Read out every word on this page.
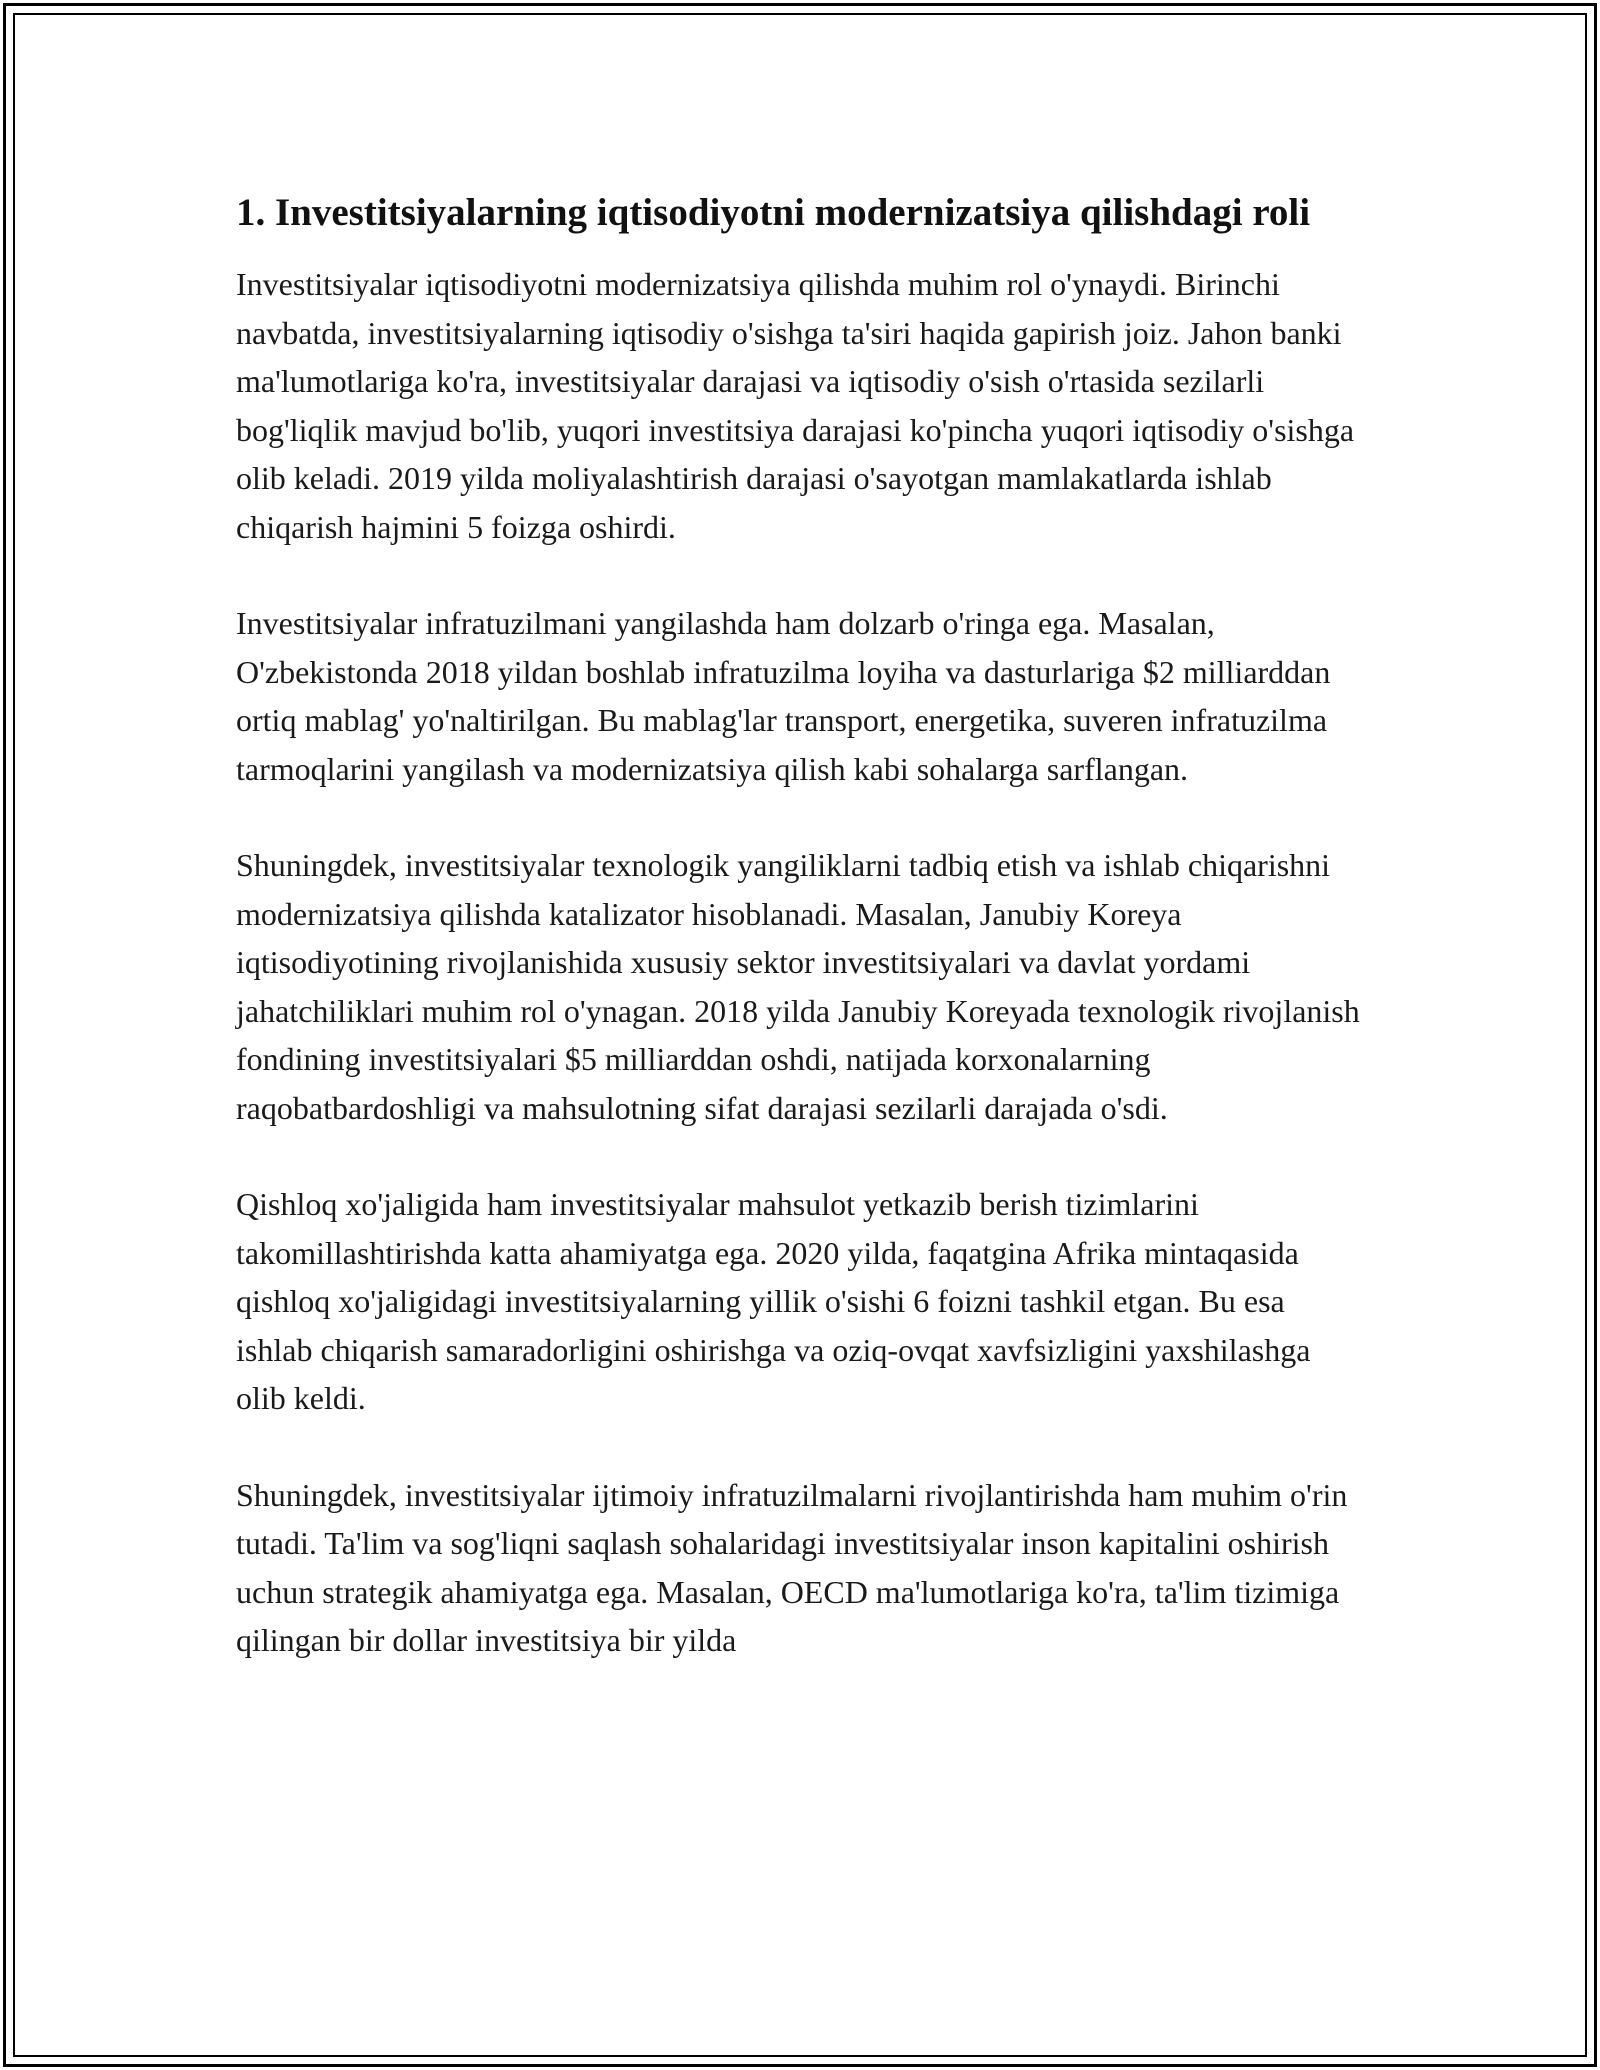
1. Investitsiyalarning iqtisodiyotni modernizatsiya qilishdagi roli

Investitsiyalar iqtisodiyotni modernizatsiya qilishda muhim rol o'ynaydi. Birinchi navbatda, investitsiyalarning iqtisodiy o'sishga ta'siri haqida gapirish joiz. Jahon banki ma'lumotlariga ko'ra, investitsiyalar darajasi va iqtisodiy o'sish o'rtasida sezilarli bog'liqlik mavjud bo'lib, yuqori investitsiya darajasi ko'pincha yuqori iqtisodiy o'sishga olib keladi. 2019 yilda moliyalashtirish darajasi o'sayotgan mamlakatlarda ishlab chiqarish hajmini 5 foizga oshirdi.

Investitsiyalar infratuzilmani yangilashda ham dolzarb o'ringa ega. Masalan, O'zbekistonda 2018 yildan boshlab infratuzilma loyiha va dasturlariga $2 milliarddan ortiq mablag' yo'naltirilgan. Bu mablag'lar transport, energetika, suveren infratuzilma tarmoqlarini yangilash va modernizatsiya qilish kabi sohalarga sarflangan.

Shuningdek, investitsiyalar texnologik yangiliklarni tadbiq etish va ishlab chiqarishni modernizatsiya qilishda katalizator hisoblanadi. Masalan, Janubiy Koreya iqtisodiyotining rivojlanishida xususiy sektor investitsiyalari va davlat yordami jahatchiliklari muhim rol o'ynagan. 2018 yilda Janubiy Koreyada texnologik rivojlanish fondining investitsiyalari $5 milliarddan oshdi, natijada korxonalarning raqobatbardoshligi va mahsulotning sifat darajasi sezilarli darajada o'sdi.

Qishloq xo'jaligida ham investitsiyalar mahsulot yetkazib berish tizimlarini takomillashtirishda katta ahamiyatga ega. 2020 yilda, faqatgina Afrika mintaqasida qishloq xo'jaligidagi investitsiyalarning yillik o'sishi 6 foizni tashkil etgan. Bu esa ishlab chiqarish samaradorligini oshirishga va oziq-ovqat xavfsizligini yaxshilashga olib keldi.

Shuningdek, investitsiyalar ijtimoiy infratuzilmalarni rivojlantirishda ham muhim o'rin tutadi. Ta'lim va sog'liqni saqlash sohalaridagi investitsiyalar inson kapitalini oshirish uchun strategik ahamiyatga ega. Masalan, OECD ma'lumotlariga ko'ra, ta'lim tizimiga qilingan bir dollar investitsiya bir yilda
